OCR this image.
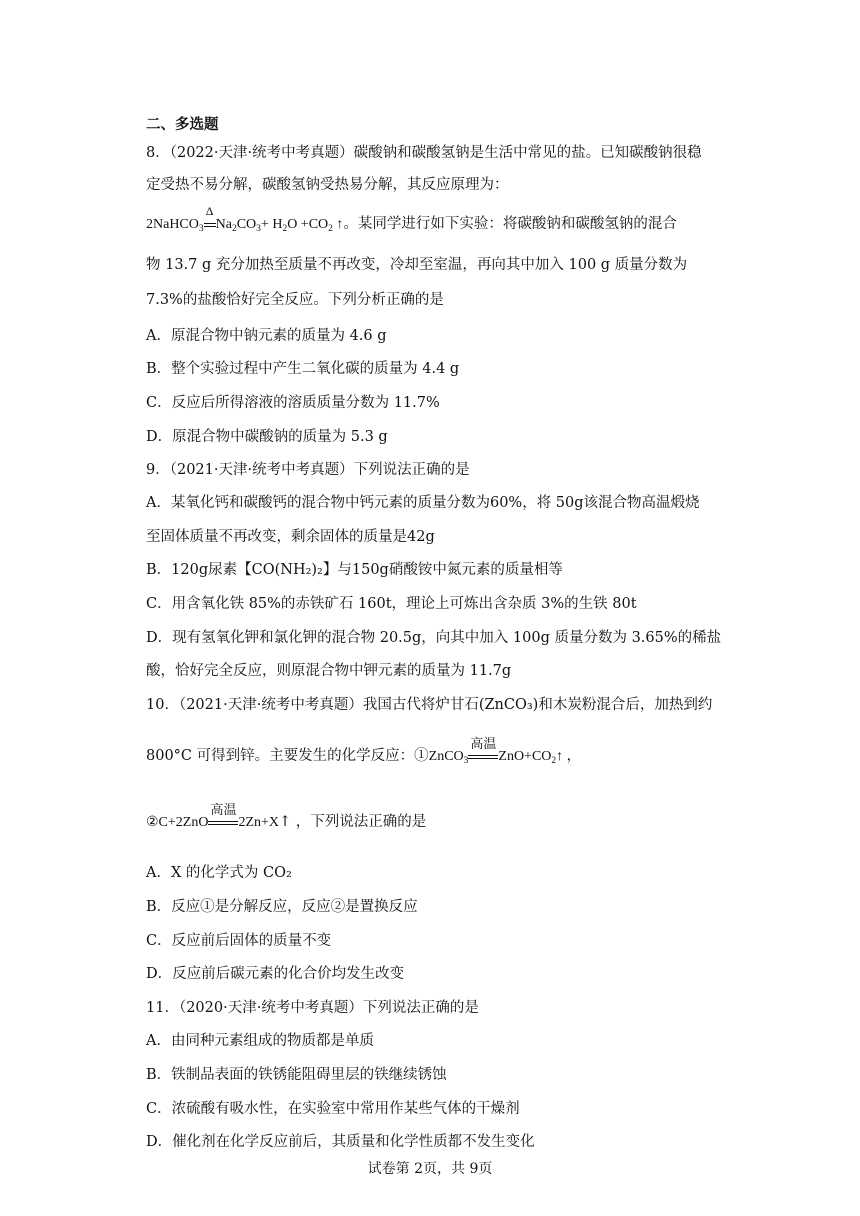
二、多选题
8．（2022·天津·统考中考真题）碳酸钠和碳酸氢钠是生活中常见的盐。已知碳酸钠很稳
定受热不易分解，碳酸氢钠受热易分解，其反应原理为：
2NaHCO$_3$
Δ
$Na_2CO_3+ H_2O +CO_2$ ↑。某同学进行如下实验：将碳酸钠和碳酸氢钠的混合
物 13.7 g 充分加热至质量不再改变，冷却至室温，再向其中加入 100 g 质量分数为
7.3%的盐酸恰好完全反应。下列分析正确的是
A．原混合物中钠元素的质量为 4.6 g
B．整个实验过程中产生二氧化碳的质量为 4.4 g
C．反应后所得溶液的溶质质量分数为 11.7%
D．原混合物中碳酸钠的质量为 5.3 g
9．（2021·天津·统考中考真题）下列说法正确的是
A．某氧化钙和碳酸钙的混合物中钙元素的质量分数为60%，将 50g该混合物高温煅烧
至固体质量不再改变，剩余固体的质量是42g
B．120g尿素【CO(NH₂)₂】与150g硝酸铵中氮元素的质量相等
C．用含氧化铁 85%的赤铁矿石 160t，理论上可炼出含杂质 3%的生铁 80t
D．现有氢氧化钾和氯化钾的混合物 20.5g，向其中加入 100g 质量分数为 3.65%的稀盐
酸，恰好完全反应，则原混合物中钾元素的质量为 11.7g
10．（2021·天津·统考中考真题）我国古代将炉甘石(ZnCO₃)和木炭粉混合后，加热到约
800°C 可得到锌。主要发生的化学反应：①ZnCO$_3$
高温
$ZnO+CO_2↑$ ，
②C+2ZnO
高温
2Zn+X↑ ，下列说法正确的是
A．X 的化学式为 CO₂
B．反应①是分解反应，反应②是置换反应
C．反应前后固体的质量不变
D．反应前后碳元素的化合价均发生改变
11．（2020·天津·统考中考真题）下列说法正确的是
A．由同种元素组成的物质都是单质
B．铁制品表面的铁锈能阻碍里层的铁继续锈蚀
C．浓硫酸有吸水性，在实验室中常用作某些气体的干燥剂
D．催化剂在化学反应前后，其质量和化学性质都不发生变化
试卷第 2页，共 9页
